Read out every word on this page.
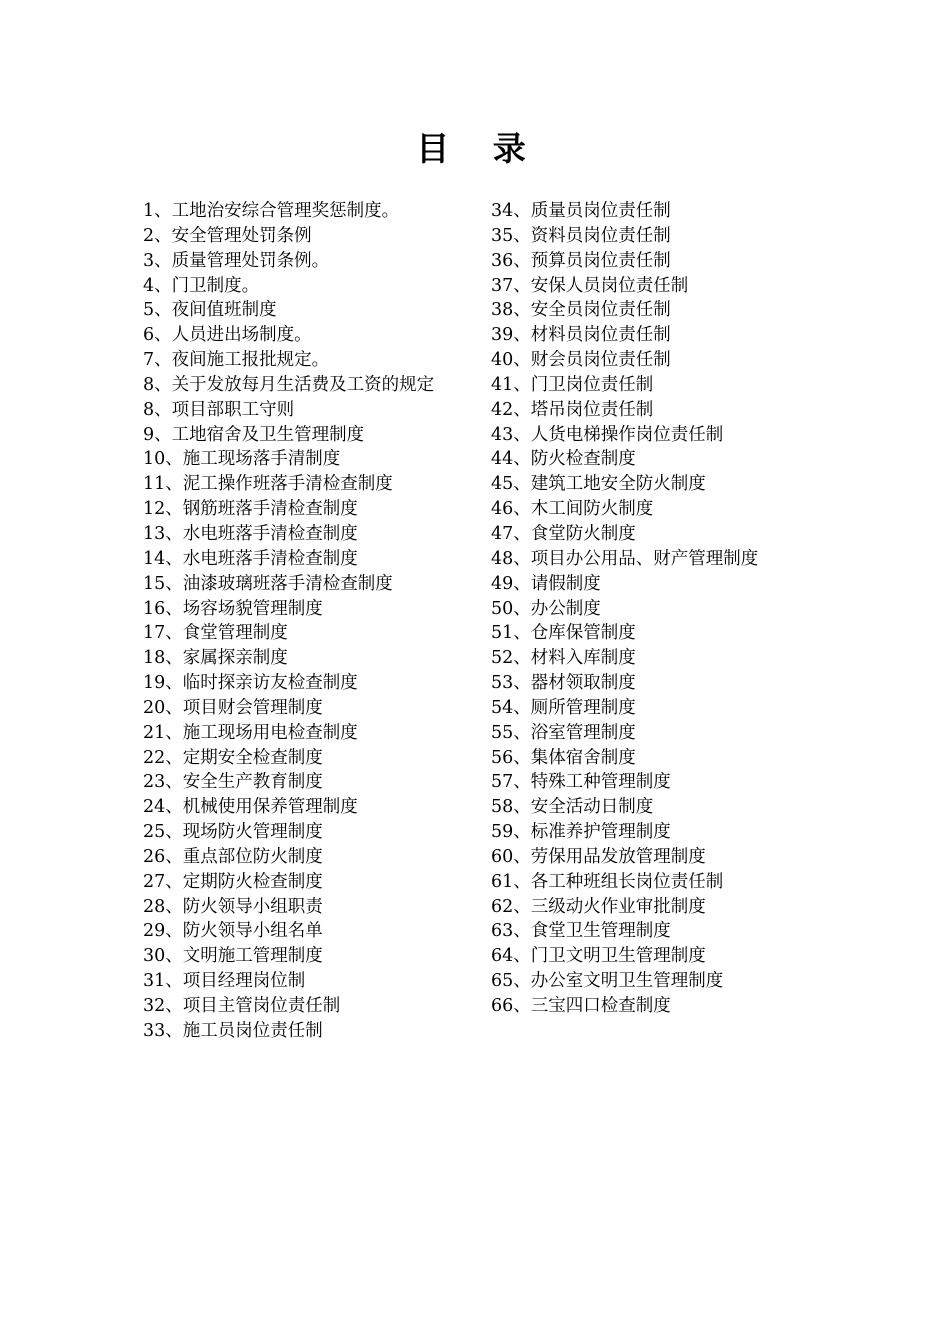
目 录
1、工地治安综合管理奖惩制度。
2、安全管理处罚条例
3、质量管理处罚条例。
4、门卫制度。
5、夜间值班制度
6、人员进出场制度。
7、夜间施工报批规定。
8、关于发放每月生活费及工资的规定
8、项目部职工守则
9、工地宿舍及卫生管理制度
10、施工现场落手清制度
11、泥工操作班落手清检查制度
12、钢筋班落手清检查制度
13、水电班落手清检查制度
14、水电班落手清检查制度
15、油漆玻璃班落手清检查制度
16、场容场貌管理制度
17、食堂管理制度
18、家属探亲制度
19、临时探亲访友检查制度
20、项目财会管理制度
21、施工现场用电检查制度
22、定期安全检查制度
23、安全生产教育制度
24、机械使用保养管理制度
25、现场防火管理制度
26、重点部位防火制度
27、定期防火检查制度
28、防火领导小组职责
29、防火领导小组名单
30、文明施工管理制度
31、项目经理岗位制
32、项目主管岗位责任制
33、施工员岗位责任制
34、质量员岗位责任制
35、资料员岗位责任制
36、预算员岗位责任制
37、安保人员岗位责任制
38、安全员岗位责任制
39、材料员岗位责任制
40、财会员岗位责任制
41、门卫岗位责任制
42、塔吊岗位责任制
43、人货电梯操作岗位责任制
44、防火检查制度
45、建筑工地安全防火制度
46、木工间防火制度
47、食堂防火制度
48、项目办公用品、财产管理制度
49、请假制度
50、办公制度
51、仓库保管制度
52、材料入库制度
53、器材领取制度
54、厕所管理制度
55、浴室管理制度
56、集体宿舍制度
57、特殊工种管理制度
58、安全活动日制度
59、标准养护管理制度
60、劳保用品发放管理制度
61、各工种班组长岗位责任制
62、三级动火作业审批制度
63、食堂卫生管理制度
64、门卫文明卫生管理制度
65、办公室文明卫生管理制度
66、三宝四口检查制度
